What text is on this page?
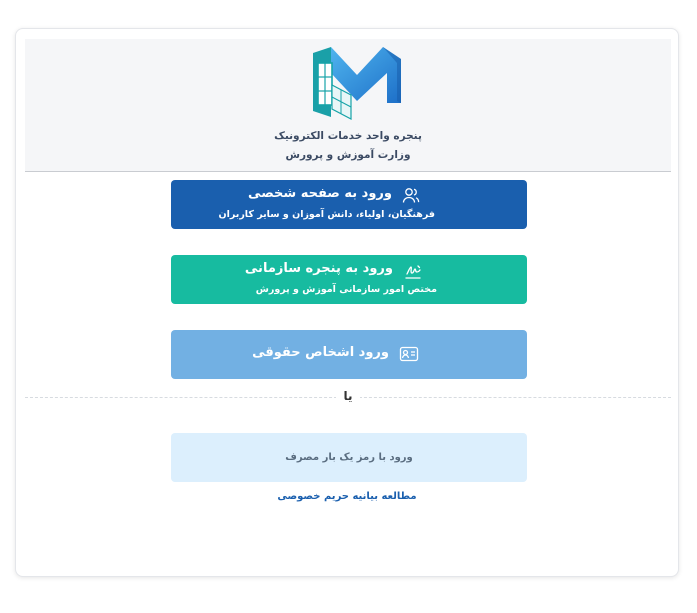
پنجره واحد خدمات الکترونیک
وزارت آموزش و پرورش
ورود به صفحه شخصی
فرهنگیان، اولیاء، دانش آموزان و سایر کاربران
ورود به پنجره سازمانی
مختص امور سازمانی آموزش و پرورش
ورود اشخاص حقوقی
یا
ورود با رمز یک بار مصرف
مطالعه بیانیه حریم خصوصی
